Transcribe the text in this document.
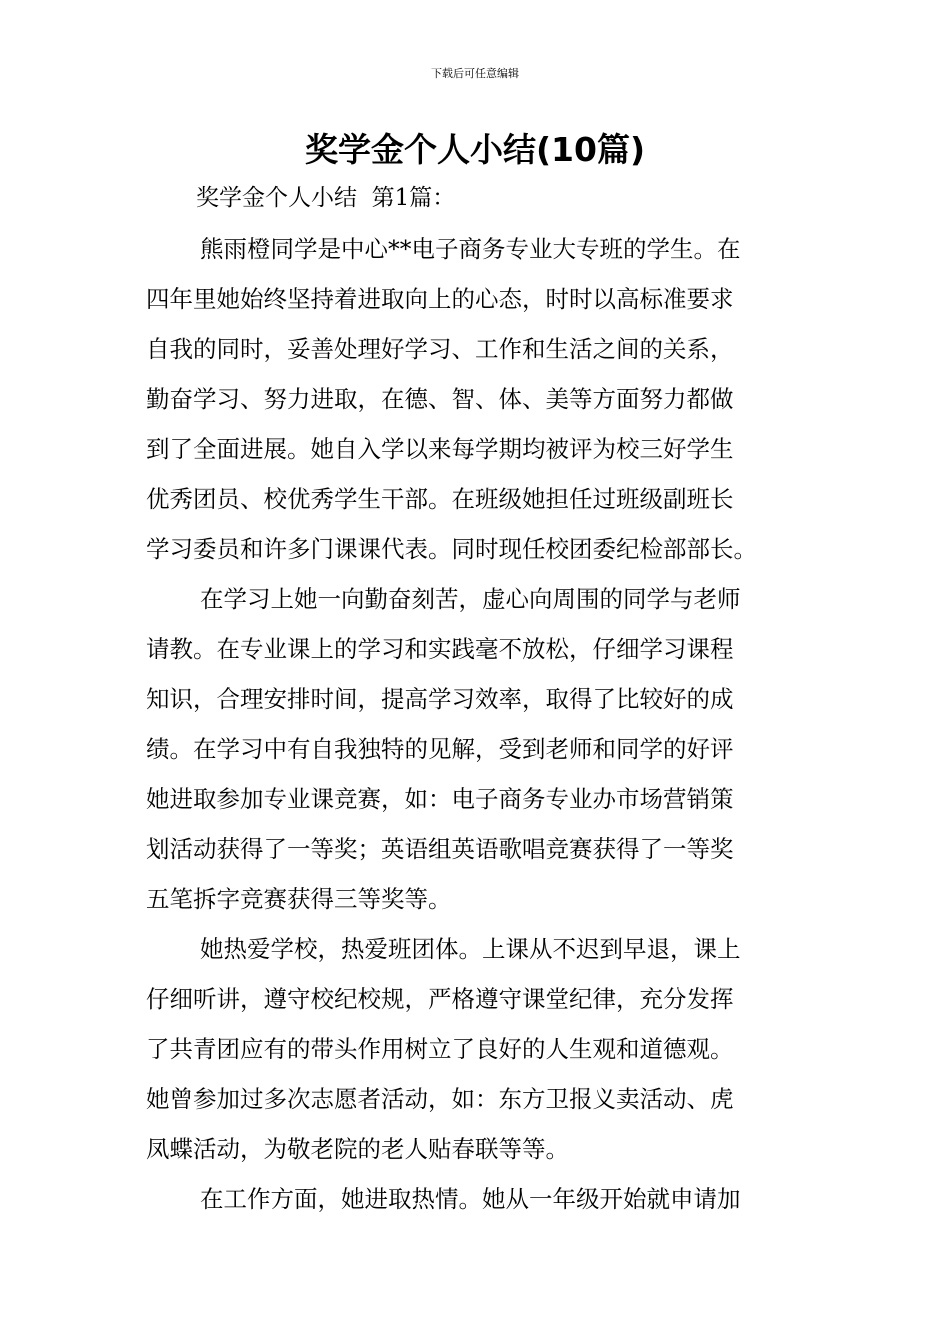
下载后可任意编辑
奖学金个人小结(10篇)
奖学金个人小结  第1篇：
熊雨橙同学是中心**电子商务专业大专班的学生。在
四年里她始终坚持着进取向上的心态，时时以高标准要求
自我的同时，妥善处理好学习、工作和生活之间的关系，
勤奋学习、努力进取，在德、智、体、美等方面努力都做
到了全面进展。她自入学以来每学期均被评为校三好学生
优秀团员、校优秀学生干部。在班级她担任过班级副班长
学习委员和许多门课课代表。同时现任校团委纪检部部长。
在学习上她一向勤奋刻苦，虚心向周围的同学与老师
请教。在专业课上的学习和实践毫不放松，仔细学习课程
知识，合理安排时间，提高学习效率，取得了比较好的成
绩。在学习中有自我独特的见解，受到老师和同学的好评
她进取参加专业课竞赛，如：电子商务专业办市场营销策
划活动获得了一等奖；英语组英语歌唱竞赛获得了一等奖
五笔拆字竞赛获得三等奖等。
她热爱学校，热爱班团体。上课从不迟到早退，课上
仔细听讲，遵守校纪校规，严格遵守课堂纪律，充分发挥
了共青团应有的带头作用树立了良好的人生观和道德观。
她曾参加过多次志愿者活动，如：东方卫报义卖活动、虎
凤蝶活动，为敬老院的老人贴春联等等。
在工作方面，她进取热情。她从一年级开始就申请加
